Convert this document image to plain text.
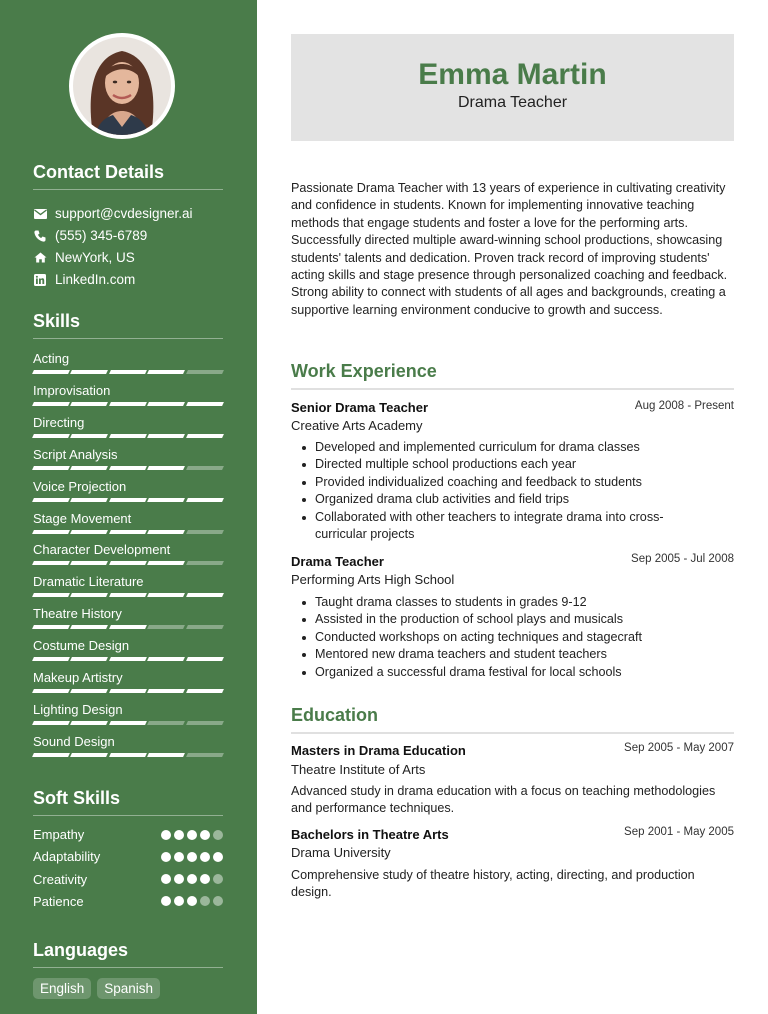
Contact Details
support@cvdesigner.ai
(555) 345-6789
NewYork, US
LinkedIn.com
Skills
Acting
Improvisation
Directing
Script Analysis
Voice Projection
Stage Movement
Character Development
Dramatic Literature
Theatre History
Costume Design
Makeup Artistry
Lighting Design
Sound Design
Soft Skills
Empathy
Adaptability
Creativity
Patience
Languages
English	Spanish
Emma Martin
Drama Teacher

Passionate Drama Teacher with 13 years of experience in cultivating creativity and confidence in students. Known for implementing innovative teaching methods that engage students and foster a love for the performing arts. Successfully directed multiple award-winning school productions, showcasing students' talents and dedication. Proven track record of improving students' acting skills and stage presence through personalized coaching and feedback. Strong ability to connect with students of all ages and backgrounds, creating a supportive learning environment conducive to growth and success.

Work Experience
Senior Drama Teacher	Aug 2008 - Present
Creative Arts Academy
Developed and implemented curriculum for drama classes
Directed multiple school productions each year
Provided individualized coaching and feedback to students
Organized drama club activities and field trips
Collaborated with other teachers to integrate drama into cross-curricular projects
Drama Teacher	Sep 2005 - Jul 2008
Performing Arts High School
Taught drama classes to students in grades 9-12
Assisted in the production of school plays and musicals
Conducted workshops on acting techniques and stagecraft
Mentored new drama teachers and student teachers
Organized a successful drama festival for local schools
Education
Masters in Drama Education	Sep 2005 - May 2007
Theatre Institute of Arts

Advanced study in drama education with a focus on teaching methodologies and performance techniques.

Bachelors in Theatre Arts	Sep 2001 - May 2005
Drama University

Comprehensive study of theatre history, acting, directing, and production design.
